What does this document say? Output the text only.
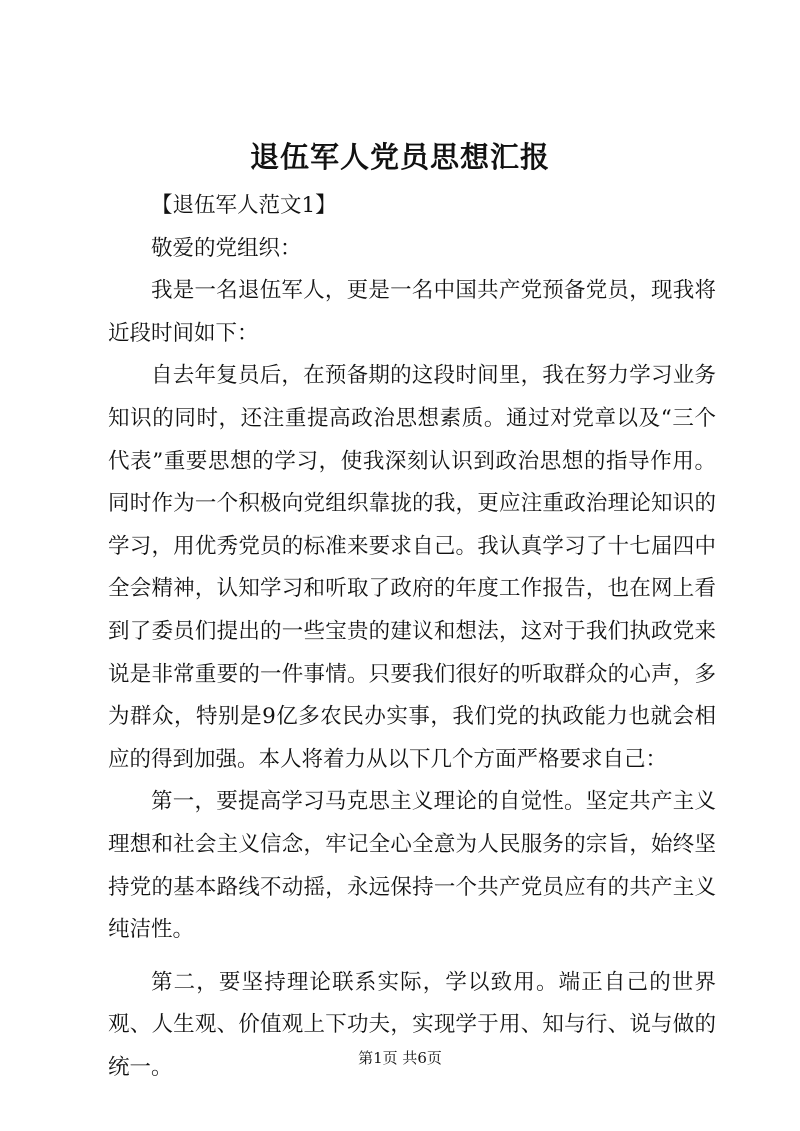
退伍军人党员思想汇报

【退伍军人范文1】

敬爱的党组织：

我是一名退伍军人，更是一名中国共产党预备党员，现我将近段时间如下：

自去年复员后，在预备期的这段时间里，我在努力学习业务知识的同时，还注重提高政治思想素质。通过对党章以及“三个代表”重要思想的学习，使我深刻认识到政治思想的指导作用。同时作为一个积极向党组织靠拢的我，更应注重政治理论知识的学习，用优秀党员的标准来要求自己。我认真学习了十七届四中全会精神，认知学习和听取了政府的年度工作报告，也在网上看到了委员们提出的一些宝贵的建议和想法，这对于我们执政党来说是非常重要的一件事情。只要我们很好的听取群众的心声，多为群众，特别是9亿多农民办实事，我们党的执政能力也就会相应的得到加强。本人将着力从以下几个方面严格要求自己：

第一，要提高学习马克思主义理论的自觉性。坚定共产主义理想和社会主义信念，牢记全心全意为人民服务的宗旨，始终坚持党的基本路线不动摇，永远保持一个共产党员应有的共产主义纯洁性。

第二，要坚持理论联系实际，学以致用。端正自己的世界观、人生观、价值观上下功夫，实现学于用、知与行、说与做的统一。	第1页 共6页
